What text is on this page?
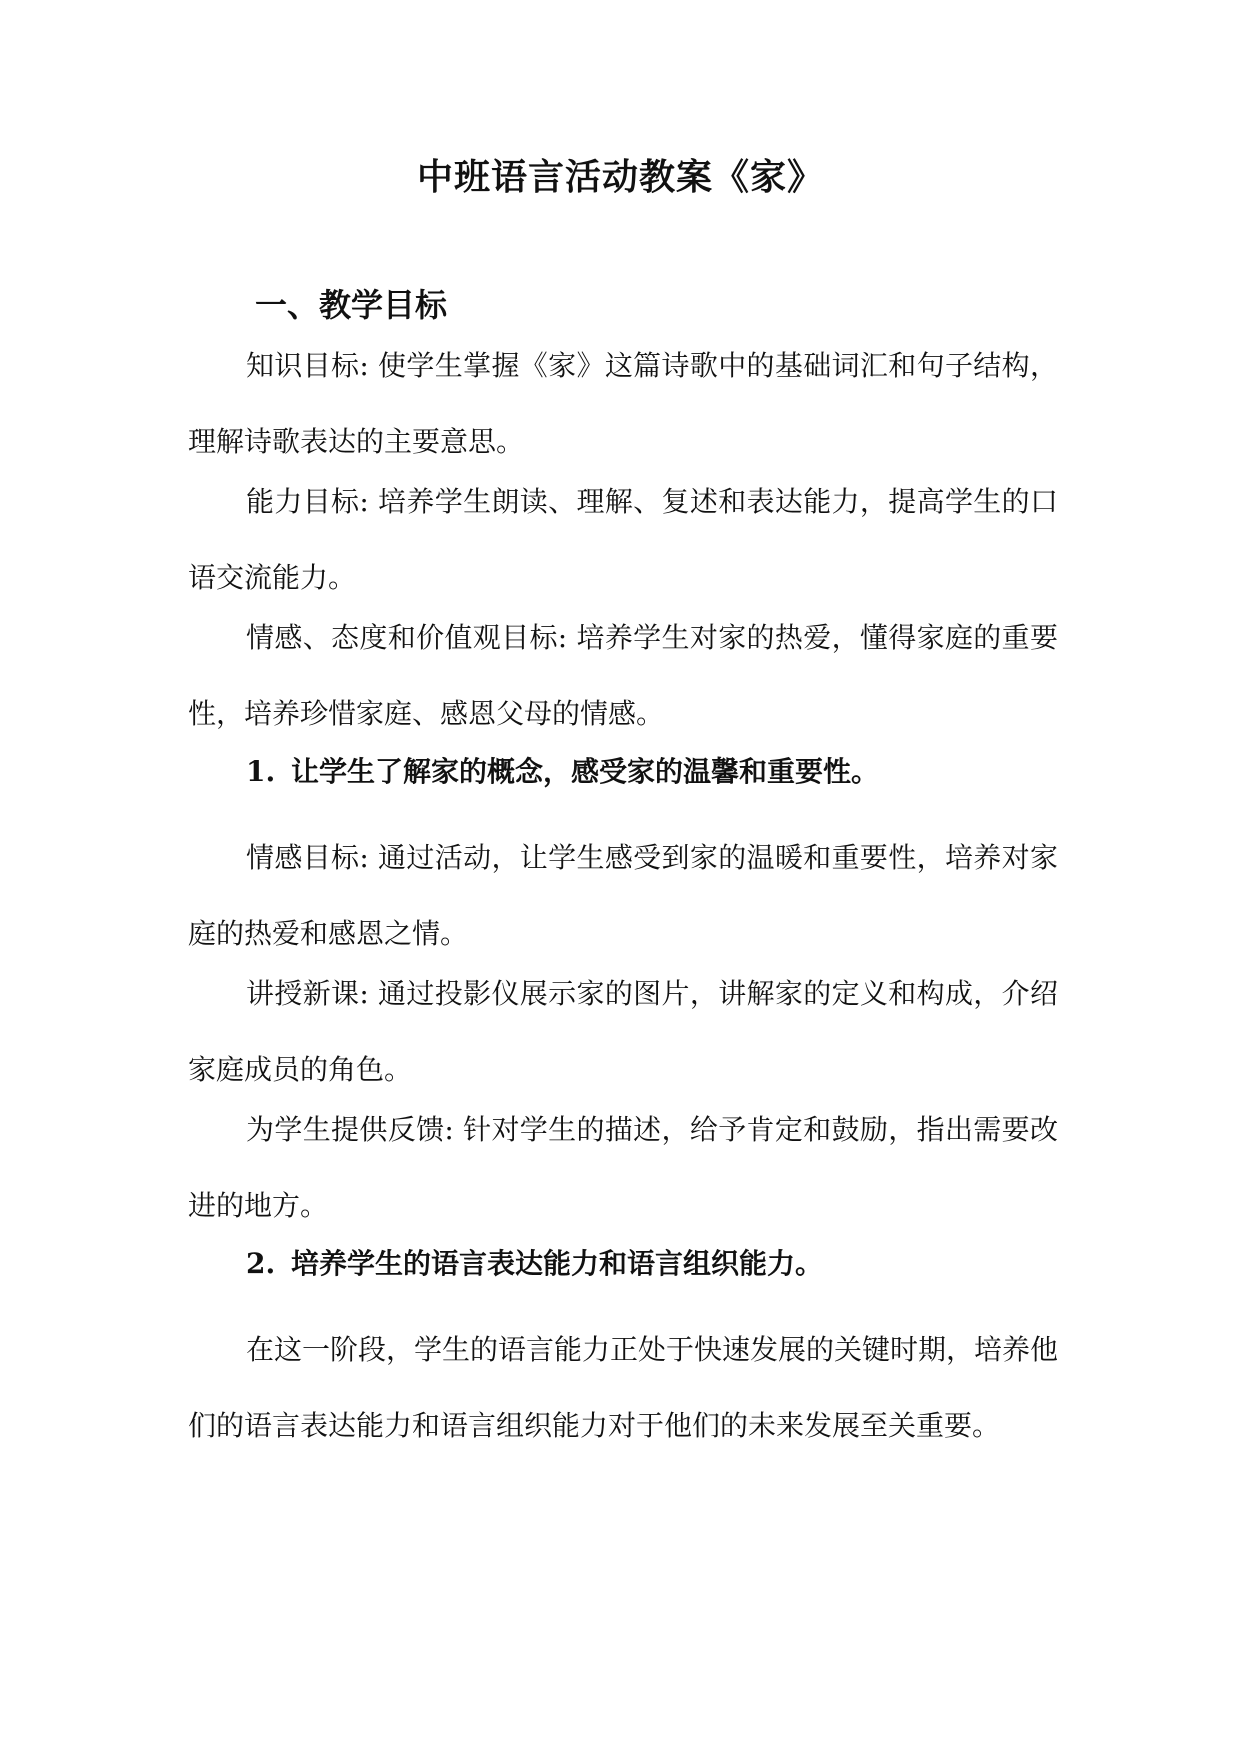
中班语言活动教案《家》
一、教学目标

知识目标: 使学生掌握《家》这篇诗歌中的基础词汇和句子结构，理解诗歌表达的主要意思。

能力目标: 培养学生朗读、理解、复述和表达能力，提高学生的口语交流能力。

情感、态度和价值观目标: 培养学生对家的热爱，懂得家庭的重要性，培养珍惜家庭、感恩父母的情感。

1. 让学生了解家的概念，感受家的温馨和重要性。

情感目标: 通过活动，让学生感受到家的温暖和重要性，培养对家庭的热爱和感恩之情。

讲授新课: 通过投影仪展示家的图片，讲解家的定义和构成，介绍家庭成员的角色。

为学生提供反馈: 针对学生的描述，给予肯定和鼓励，指出需要改进的地方。

2. 培养学生的语言表达能力和语言组织能力。

在这一阶段，学生的语言能力正处于快速发展的关键时期，培养他们的语言表达能力和语言组织能力对于他们的未来发展至关重要。
